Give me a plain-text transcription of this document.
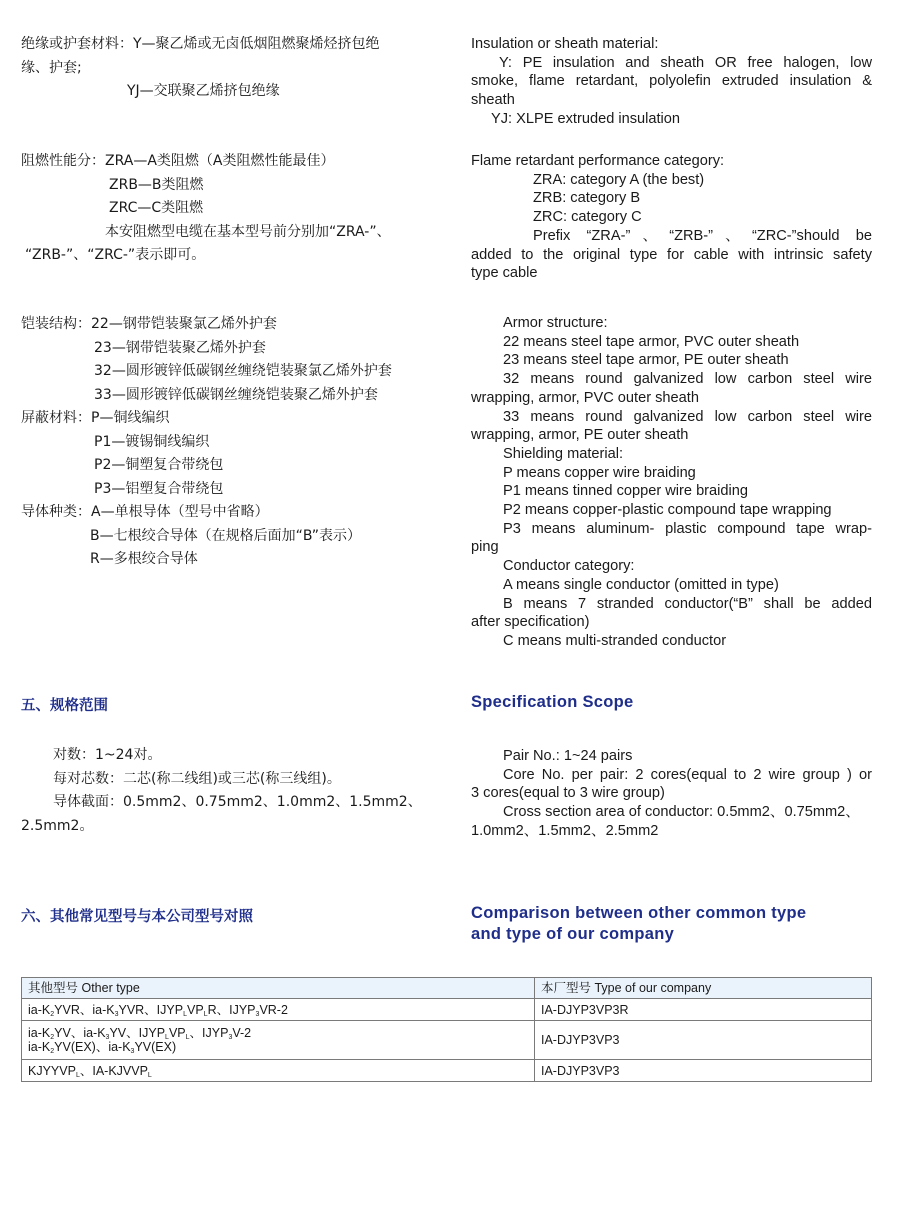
绝缘或护套材料：Y—聚乙烯或无卤低烟阻燃聚烯烃挤包绝
缘、护套;
YJ—交联聚乙烯挤包绝缘
Insulation or sheath material:
Y: PE insulation and sheath OR free halogen, low
smoke, flame retardant, polyolefin extruded insulation &
sheath
YJ: XLPE extruded insulation
阻燃性能分：ZRA—A类阻燃（A类阻燃性能最佳）
ZRB—B类阻燃
ZRC—C类阻燃
本安阻燃型电缆在基本型号前分别加“ZRA-”、
“ZRB-”、“ZRC-”表示即可。
Flame retardant performance category:
ZRA: category A (the best)
ZRB: category B
ZRC: category C
Prefix “ZRA-”、“ZRB-”、“ZRC-”should be
added to the original type for cable with intrinsic safety
type cable
铠装结构：22—钢带铠装聚氯乙烯外护套
23—钢带铠装聚乙烯外护套
32—圆形镀锌低碳钢丝缠绕铠装聚氯乙烯外护套
33—圆形镀锌低碳钢丝缠绕铠装聚乙烯外护套
屏蔽材料：P—铜线编织
P1—镀锡铜线编织
P2—铜塑复合带绕包
P3—铝塑复合带绕包
导体种类：A—单根导体（型号中省略）
B—七根绞合导体（在规格后面加“B”表示）
R—多根绞合导体
Armor structure:
22 means steel tape armor, PVC outer sheath
23 means steel tape armor, PE outer sheath
32 means round galvanized low carbon steel wire
wrapping, armor, PVC outer sheath
33 means round galvanized low carbon steel wire
wrapping, armor, PE outer sheath
Shielding material:
P means copper wire braiding
P1 means tinned copper wire braiding
P2 means copper-plastic compound tape wrapping
P3 means aluminum- plastic compound tape wrap-
ping
Conductor category:
A means single conductor (omitted in type)
B means 7 stranded conductor(“B” shall be added
after specification)
C means multi-stranded conductor
五、规格范围	Specification Scope
对数：1~24对。
每对芯数：二芯(称二线组)或三芯(称三线组)。
导体截面：0.5mm2、0.75mm2、1.0mm2、1.5mm2、
2.5mm2。
Pair No.: 1~24 pairs
Core No. per pair: 2 cores(equal to 2 wire group ) or
3 cores(equal to 3 wire group)
Cross section area of conductor: 0.5mm2、0.75mm2、
1.0mm2、1.5mm2、2.5mm2
六、其他常见型号与本公司型号对照	Comparison between other common type
and type of our company
其他型号 Other type	本厂型号 Type of our company
$ia-K_2YVR$、$ia-K_3YVR$、$IJYP_LVP_LR$、$IJYP_3VR-2$	IA-DJYP3VP3R

$ia-K_2YV$、$ia-K_3YV$、$IJYP_LVP_L$、$IJYP_3V-2$
$ia-K_2YV(EX)$、$ia-K_3YV(EX)$	IA-DJYP3VP3
$KJYYVP_L$、$IA-KJVVP_L$	IA-DJYP3VP3
